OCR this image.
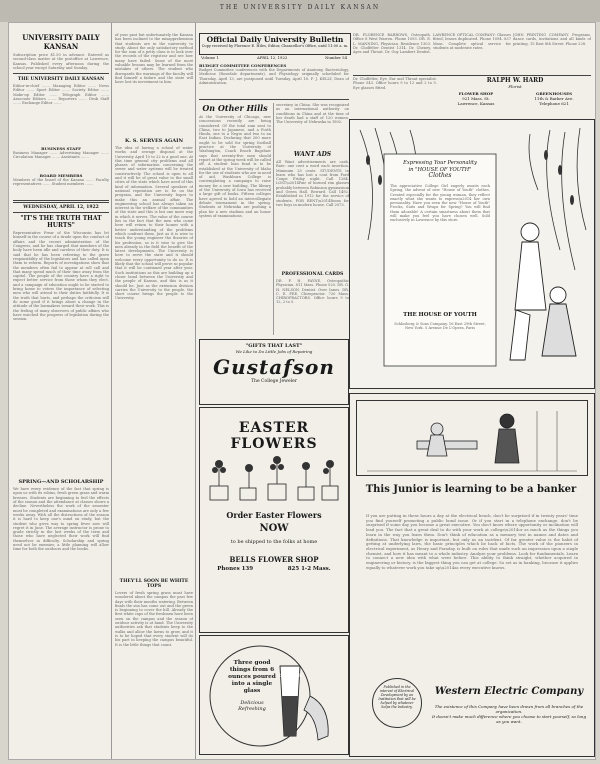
THE UNIVERSITY DAILY KANSAN
UNIVERSITY DAILY KANSAN
Subscription price $1.50 in advance. Entered as second-class matter at the postoffice at Lawrence, Kansas. Published every afternoon during the school year except Saturday and Sunday.
THE UNIVERSITY DAILY KANSAN
Editor-in-chief ....... Managing Editor ....... News Editor ....... Sport Editor ....... Society Editor ....... Make-up Editor ....... Telegraph Editor ....... Associate Editors ....... Reporters ....... Desk Staff ....... Exchange Editor .......
BUSINESS STAFF
Business Manager ....... Advertising Manager ....... Circulation Manager ....... Assistants .......
BOARD MEMBERS
Members of the board of the Kansan ....... Faculty representatives ....... Student members .......
WEDNESDAY, APRIL 12, 1922
"IT'S THE TRUTH THAT HURTS"
Representative Frear of the Wisconsin has let himself in the course of a tirade upon the conduct of affairs and the recent administration of the Congress, and he has charged that members of the body have been idle and careless of their duty. It is said that he has been referring to the grave responsibility of the legislators and has called upon them to reform. Reports of investigations show that the members often fail to appear at roll call and that many spend much of their time away from the capitol. The people of the country have a right to expect better service from those whom they elect, and a campaign of education ought to be started to bring home to voters the importance of selecting men who will attend to their duties faithfully. It is the truth that hurts, and perhaps the criticism will do some good if it brings about a change in the attitude of the lawmakers toward their work. This is the feeling of many observers of public affairs who have watched the progress of legislation during the session.
SPRING—AND SCHOLARSHIP
We have every evidence of the fact that spring is upon us with its robins, fresh green grass and warm breezes. Students are beginning to feel the effects of the season and the attendance at classes shows a decline. Nevertheless the work of the semester must be completed and examinations are only a few weeks away. With all the distractions of the season it is hard to keep one's mind on study, but the student who gives way to spring fever now will regret it in June. The average instructor is prone to grade strictly in the last weeks of the term and those who have neglected their work will find themselves in difficulty. Scholarship and spring need not be enemies; a little planning will allow time for both the outdoors and the books.
of your past but unfortunately the Kansan has been inclined to the misapprehension that students are in the university to study. About the only satisfactory method for the sum of a petty class is to look over the records of the registrar and see how many have failed. Some of the most valuable lessons may be learned from the mistakes of others. The student who disregards the warnings of the faculty will find himself a failure and the state will have lost its investment in him.
K. S. SERVES AGAIN
The idea of having a school of water works and sewage disposal at the University April 10 to 22 is a good one. At this time general city problems and all phases of information concerning the sewer and water systems will be treated constructively. The school is open to all and it will be of great value to the small cities of the state which have need of this kind of information. Several speakers of national reputation are to be on the program, and the University hopes to make this an annual affair. The engineering school has always taken an interest in the welfare of the communities of the state and this is but one more way in which it serves. The value of the course lies in the fact that the men who come here will return to their homes with a better understanding of the problems which confront them. Just as it is wise to teach the young engineer the theories of his profession, so is it wise to give the men already in the field the benefit of the latest developments. The University is here to serve the state and it should welcome every opportunity to do so. It is likely that the school will prove so popular that it will be continued year after year. Such institutions as this are building up a closer bond between the University and the people of Kansas, and this is as it should be. Just as the extension division carries the University to the people, the short course brings the people to the University.
THEY'LL SOON BE WHITE TOPS
Lovers of fresh spring grass must have wondered about the campus the past few days with their mouths watering. Between finals the sun has come out and the green is beginning to cover the hill. Already the first white caps of the freshmen have been seen on the campus and the season of outdoor activity is at hand. The University authorities ask that students keep to the walks and allow the lawns to grow, and it is to be hoped that every student will do his part in keeping the campus beautiful. It is the little things that count.
Official Daily University Bulletin
Copy received by Florence E. Hiles, Editor, Chancellor's Office, until 11:00 a. m.
Volume 1	APRIL 12, 1922	Number 54
BUDGET COMMITTEE CONFERENCES
Budget Committee conferences with the Departments of Anatomy, Bacteriology, Medicine (Rosedale departments), and Physiology originally scheduled for Thursday, April 13, are postponed until Tuesday, April 18. F. J. KELLY, Dean of Administration.
On Other Hills
At the University of Chicago, new concessions recently are being considered. Of the total sum sent to China, two to Japanese, and a Forth Hindu, one to a Negro and two to an East Indian. Declaring that 200 more ought to be sold for spring football practice at the University of Washington, Coach Enoch Bagshaw says that seventy-five men should report at the spring week will be called off. A student loan fund is to be established at the University of Idaho for the use of students who are in need of aid. Washburn College is contemplating a campaign to raise money for a new building. The library of the University of Iowa has received a large gift of books. Fifteen colleges have agreed to hold an intercollegiate debate tournament in the spring. Students at Nebraska are pushing a plan for a new stadium and an honor system of examinations.
secretary in China. She was recognized as an international authority on conditions in China and at the time of her death had a staff of 120 women. The University of Nebraska in 1892.
WANT ADS
All Want advertisements are cash. Rate: one cent a word each insertion. Minimum 25 cents. STUDENTS to learn who has lost a coat from Ford Coupe Friday night. Call 1284. LOST\u2014Pair of horned rim glasses probably between Robinson gymnasium and Green Hall. Reward. Call 1492. Established in 1912 for the service of students. FOR RENT\u2014Room for two boys in modern house. Call 2073.
PROFESSIONAL CARDS
DR. F. H. PAYNE, Osteopathic Physician, 811 Mass. Phone 520. DR. G. H. NELSON, Dentist. Over Innes. DR. C. E. FEE, Chiropractor. 720 Mass. CHIROPRACTORS. Office hours 9 to 12, 2 to 5.
DR. FLORENCE BARROWS, Osteopath. Office 8 West Warren. Phone 1093. DR. E. L. MANNING, Physician. Residence 1303. Dr. Clodfelter Dentist 1314. Dr. Cheney, Ayes and Throat. Dr. Guy Lambert Dentist.
LAWRENCE OPTICAL COMPANY: Glasses fitted, lenses duplicated. Phone 1094. 837 Mass. Complete optical service for students at moderate rates.
JOHN PRINTING COMPANY. Programs, dance cards, invitations and all kinds of printing. 15 East 8th Street. Phone 228.
RALPH W. HARD
Florist
FLOWER SHOP
921 Mass. St.
Lawrence, Kansas
GREENHOUSES
11th & Barker Ave.
Telephone 621
Dr. Clodfelter, Eye, Ear and Throat specialist. Phone 543. Office hours 9 to 12 and 2 to 5. Eye glasses fitted.
Expressing Your Personality
in "HOUSE OF YOUTH"
Clothes
The appreciative College Girl eagerly awaits each Spring, the advent of new "House of Youth" clothes. Created especially for the young woman, they reflect exactly what she wants to express\u2014 her own personality. Have you seen the new "House of Youth" Frocks, Suits and Wraps for Spring? You will find them adorable! A certain smartness about them that will make you feel you have chosen well. Sold exclusively in Lawrence by this store.
THE HOUSE OF YOUTH
Schlosberg & Sons Company, 16 East 29th Street, New York. 5 Avenue De L'Opera, Paris
"GIFTS THAT LAST"
We Like to Do Little Jobs of Repairing
Gustafson
The College Jeweler
EASTER
FLOWERS
Order Easter Flowers
NOW
to be shipped to the folks at home
BELLS FLOWER SHOP
Phones 139	825 1-2 Mass.
Three good
things from 6
ounces poured
into a single
glass
Delicious
Refreshing
Coca-Cola
This Junior is learning to be a banker
If you are putting in these hours a day at the electrical bench, don't be surprised if in twenty years' time you find yourself promoting a public bond issue. Or if you start in a telephone exchange, don't be surprised if some day you become a great executive. You don't know where opportunity or inclination will lead you. The fact that a great deal to do with your work at college\u2014or as much as the things you learn in the way you learn them. Don't think of education as a memory test in names and dates and definitions. That knowledge is important, but only as an incident. Of far greater value is the habit of getting at underlying laws, the basic principles which lie back of facts. The work of the pioneers in electrical experiment, as Henry and Faraday, is built on rules that made such an impression upon a single chemist, and how it has meant to a whole industry. Analyze your problems. Look for fundamentals. Learn to connect a new idea with what went before. This ability to think straight, whether acquired in engineering or history, is the biggest thing you can get at college. So set as in banking, because it applies equally to whatever work you take up\u2014as every executive knows.
Published in the interest of Electrical Development by an Institution that will be helped by whatever helps the Industry.
Western Electric Company
The existence of this Company have been drawn from all branches of the organization.
It doesn't make much difference where you choose to start yourself, so long as you want.
